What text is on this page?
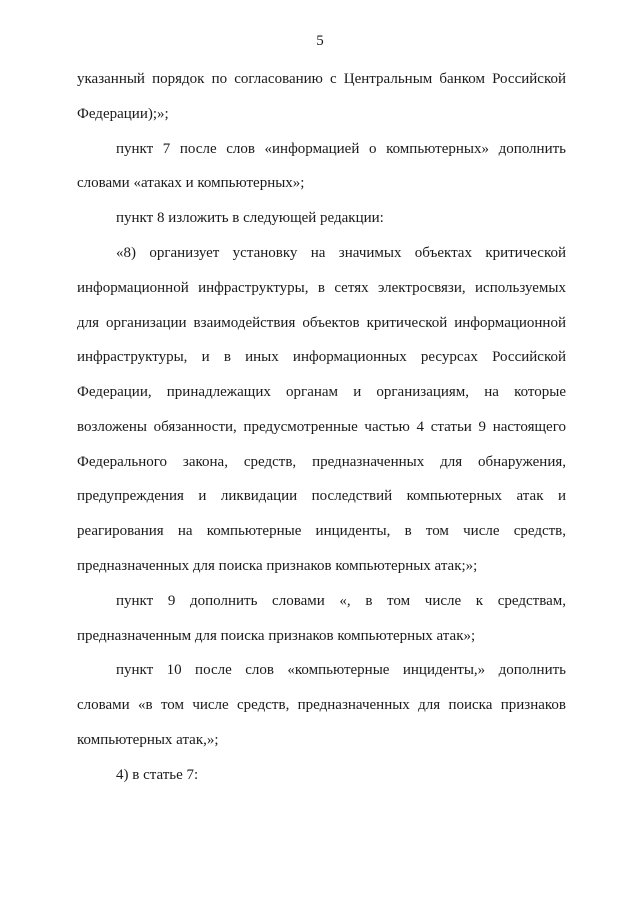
5
указанный порядок по согласованию с Центральным банком Российской
Федерации);»;
пункт 7 после слов «информацией о компьютерных» дополнить
словами «атаках и компьютерных»;
пункт 8 изложить в следующей редакции:
«8) организует установку на значимых объектах критической
информационной инфраструктуры, в сетях электросвязи, используемых
для организации взаимодействия объектов критической информационной
инфраструктуры, и в иных информационных ресурсах Российской
Федерации, принадлежащих органам и организациям, на которые
возложены обязанности, предусмотренные частью 4 статьи 9 настоящего
Федерального закона, средств, предназначенных для обнаружения,
предупреждения и ликвидации последствий компьютерных атак и
реагирования на компьютерные инциденты, в том числе средств,
предназначенных для поиска признаков компьютерных атак;»;
пункт 9 дополнить словами «, в том числе к средствам,
предназначенным для поиска признаков компьютерных атак»;
пункт 10 после слов «компьютерные инциденты,» дополнить
словами «в том числе средств, предназначенных для поиска признаков
компьютерных атак,»;
4) в статье 7:
